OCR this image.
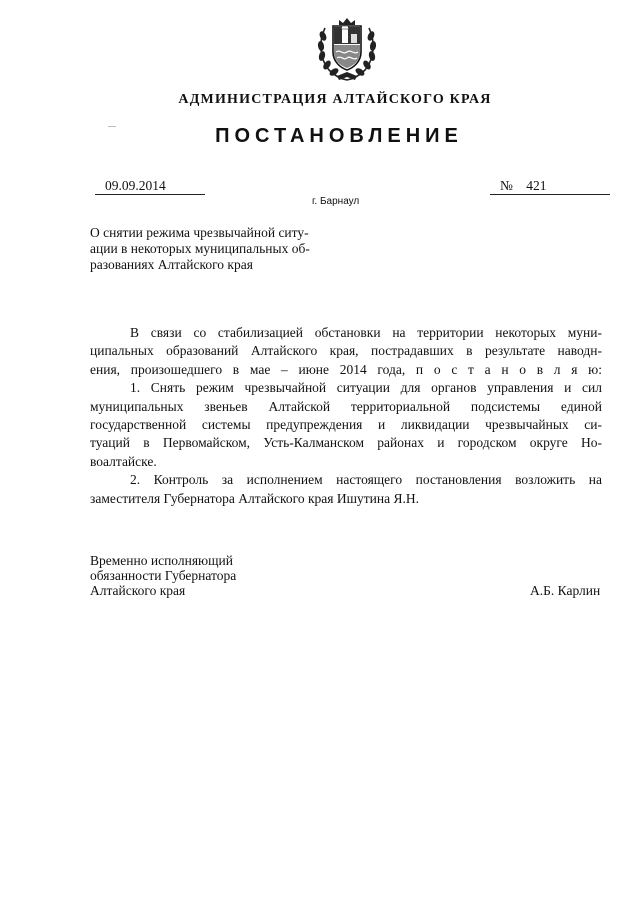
АДМИНИСТРАЦИЯ АЛТАЙСКОГО КРАЯ
ПОСТАНОВЛЕНИЕ
09.09.2014
г. Барнаул
№ 421
О снятии режима чрезвычайной ситу-
ации в некоторых муниципальных об-
разованиях Алтайского края
В связи со стабилизацией обстановки на территории некоторых муни-
ципальных образований Алтайского края, пострадавших в результате наводн-
ения, произошедшего в мае – июне 2014 года, п о с т а н о в л я ю:
1. Снять режим чрезвычайной ситуации для органов управления и сил
муниципальных звеньев Алтайской территориальной подсистемы единой
государственной системы предупреждения и ликвидации чрезвычайных си-
туаций в Первомайском, Усть-Калманском районах и городском округе Но-
воалтайске.
2. Контроль за исполнением настоящего постановления возложить на
заместителя Губернатора Алтайского края Ишутина Я.Н.
Временно исполняющий
обязанности Губернатора
Алтайского края	А.Б. Карлин
